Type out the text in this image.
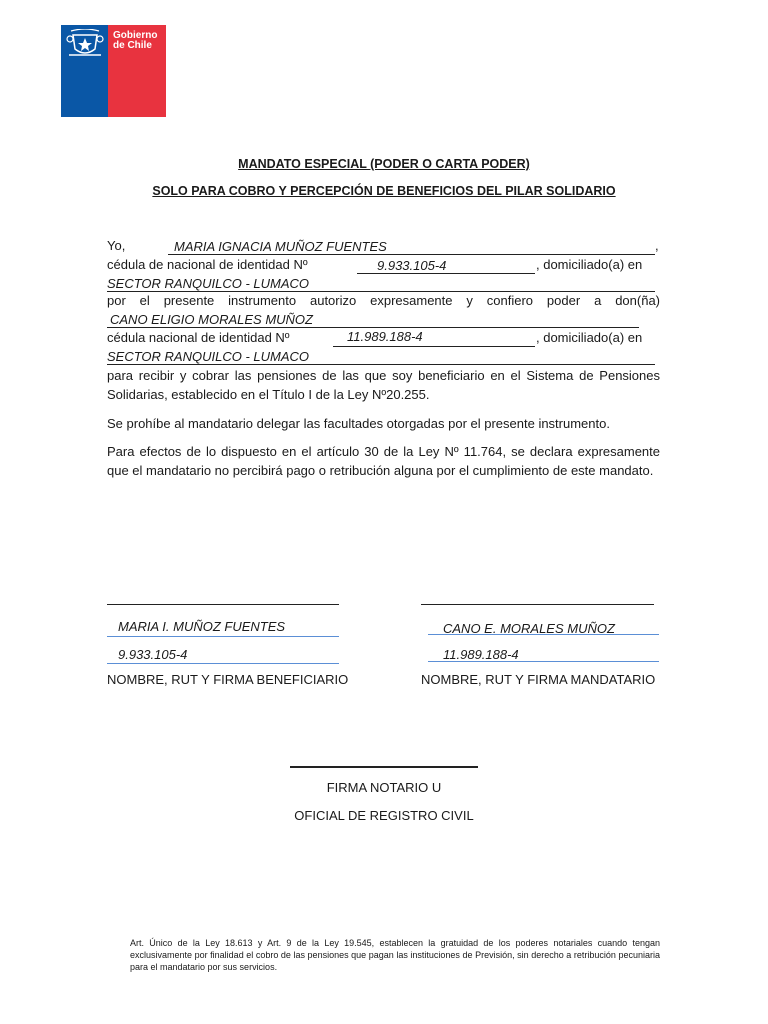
Gobierno
de Chile
MANDATO ESPECIAL (PODER O CARTA PODER)
SOLO PARA COBRO Y PERCEPCIÓN DE BENEFICIOS DEL PILAR SOLIDARIO
Yo,	MARIA IGNACIA MUÑOZ FUENTES	,
cédula de nacional de identidad Nº	9.933.105-4	, domiciliado(a) en
SECTOR RANQUILCO - LUMACO
por el presente instrumento autorizo expresamente y confiero poder a don(ña)
CANO ELIGIO MORALES MUÑOZ
cédula nacional de identidad Nº	11.989.188-4	, domiciliado(a) en
SECTOR RANQUILCO - LUMACO
para recibir y cobrar las pensiones de las que soy beneficiario en el Sistema de Pensiones Solidarias, establecido en el Título I de la Ley Nº20.255.
Se prohíbe al mandatario delegar las facultades otorgadas por el presente instrumento.
Para efectos de lo dispuesto en el artículo 30 de la Ley Nº 11.764, se declara expresamente que el mandatario no percibirá pago o retribución alguna por el cumplimiento de este mandato.
MARIA I. MUÑOZ FUENTES
9.933.105-4
NOMBRE, RUT Y FIRMA BENEFICIARIO
CANO E. MORALES MUÑOZ
11.989.188-4
NOMBRE, RUT Y FIRMA MANDATARIO
FIRMA NOTARIO U
OFICIAL DE REGISTRO CIVIL
Art. Único de la Ley 18.613 y Art. 9 de la Ley 19.545, establecen la gratuidad de los poderes notariales cuando tengan exclusivamente por finalidad el cobro de las pensiones que pagan las instituciones de Previsión, sin derecho a retribución pecuniaria para el mandatario por sus servicios.
